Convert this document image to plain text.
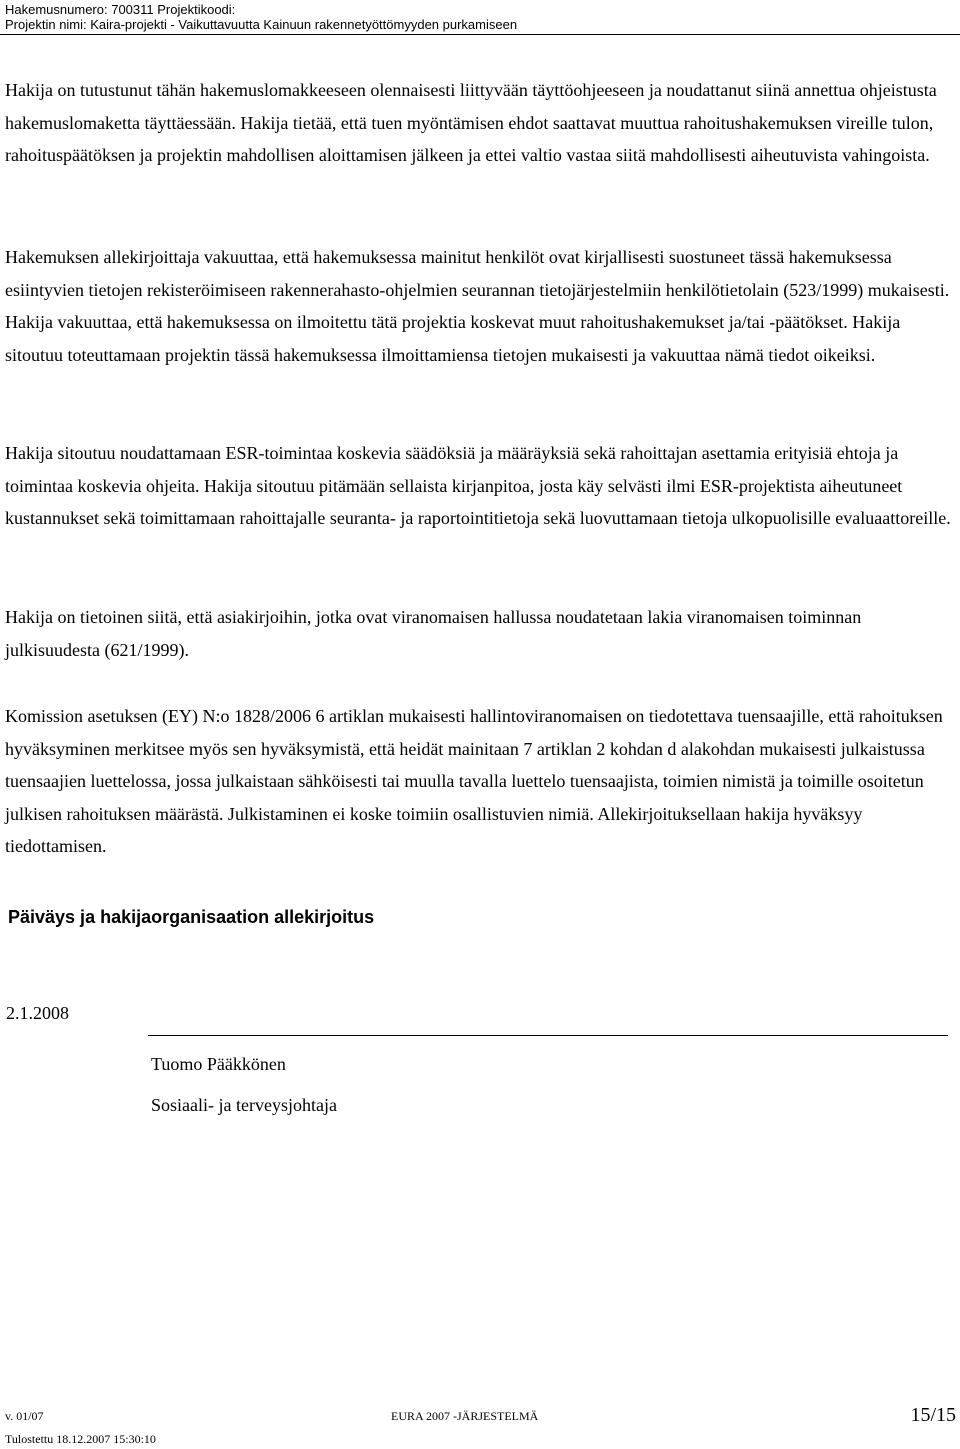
Hakemusnumero: 700311 Projektikoodi:
Projektin nimi: Kaira-projekti - Vaikuttavuutta Kainuun rakennetyöttömyyden purkamiseen

Hakija on tutustunut tähän hakemuslomakkeeseen olennaisesti liittyvään täyttöohjeeseen ja noudattanut siinä annettua ohjeistusta hakemuslomaketta täyttäessään. Hakija tietää, että tuen myöntämisen ehdot saattavat muuttua rahoitushakemuksen vireille tulon, rahoituspäätöksen ja projektin mahdollisen aloittamisen jälkeen ja ettei valtio vastaa siitä mahdollisesti aiheutuvista vahingoista.

Hakemuksen allekirjoittaja vakuuttaa, että hakemuksessa mainitut henkilöt ovat kirjallisesti suostuneet tässä hakemuksessa esiintyvien tietojen rekisteröimiseen rakennerahasto-ohjelmien seurannan tietojärjestelmiin henkilötietolain (523/1999) mukaisesti. Hakija vakuuttaa, että hakemuksessa on ilmoitettu tätä projektia koskevat muut rahoitushakemukset ja/tai -päätökset. Hakija sitoutuu toteuttamaan projektin tässä hakemuksessa ilmoittamiensa tietojen mukaisesti ja vakuuttaa nämä tiedot oikeiksi.

Hakija sitoutuu noudattamaan ESR-toimintaa koskevia säädöksiä ja määräyksiä sekä rahoittajan asettamia erityisiä ehtoja ja toimintaa koskevia ohjeita. Hakija sitoutuu pitämään sellaista kirjanpitoa, josta käy selvästi ilmi ESR-projektista aiheutuneet kustannukset sekä toimittamaan rahoittajalle seuranta- ja raportointitietoja sekä luovuttamaan tietoja ulkopuolisille evaluaattoreille.

Hakija on tietoinen siitä, että asiakirjoihin, jotka ovat viranomaisen hallussa noudatetaan lakia viranomaisen toiminnan julkisuudesta (621/1999).

Komission asetuksen (EY) N:o 1828/2006 6 artiklan mukaisesti hallintoviranomaisen on tiedotettava tuensaajille, että rahoituksen hyväksyminen merkitsee myös sen hyväksymistä, että heidät mainitaan 7 artiklan 2 kohdan d alakohdan mukaisesti julkaistussa tuensaajien luettelossa, jossa julkaistaan sähköisesti tai muulla tavalla luettelo tuensaajista, toimien nimistä ja toimille osoitetun julkisen rahoituksen määrästä. Julkistaminen ei koske toimiin osallistuvien nimiä. Allekirjoituksellaan hakija hyväksyy tiedottamisen.

Päiväys ja hakijaorganisaation allekirjoitus
2.1.2008
Tuomo Pääkkönen
Sosiaali- ja terveysjohtaja
v. 01/07	EURA 2007 -JÄRJESTELMÄ	15/15
Tulostettu 18.12.2007 15:30:10
